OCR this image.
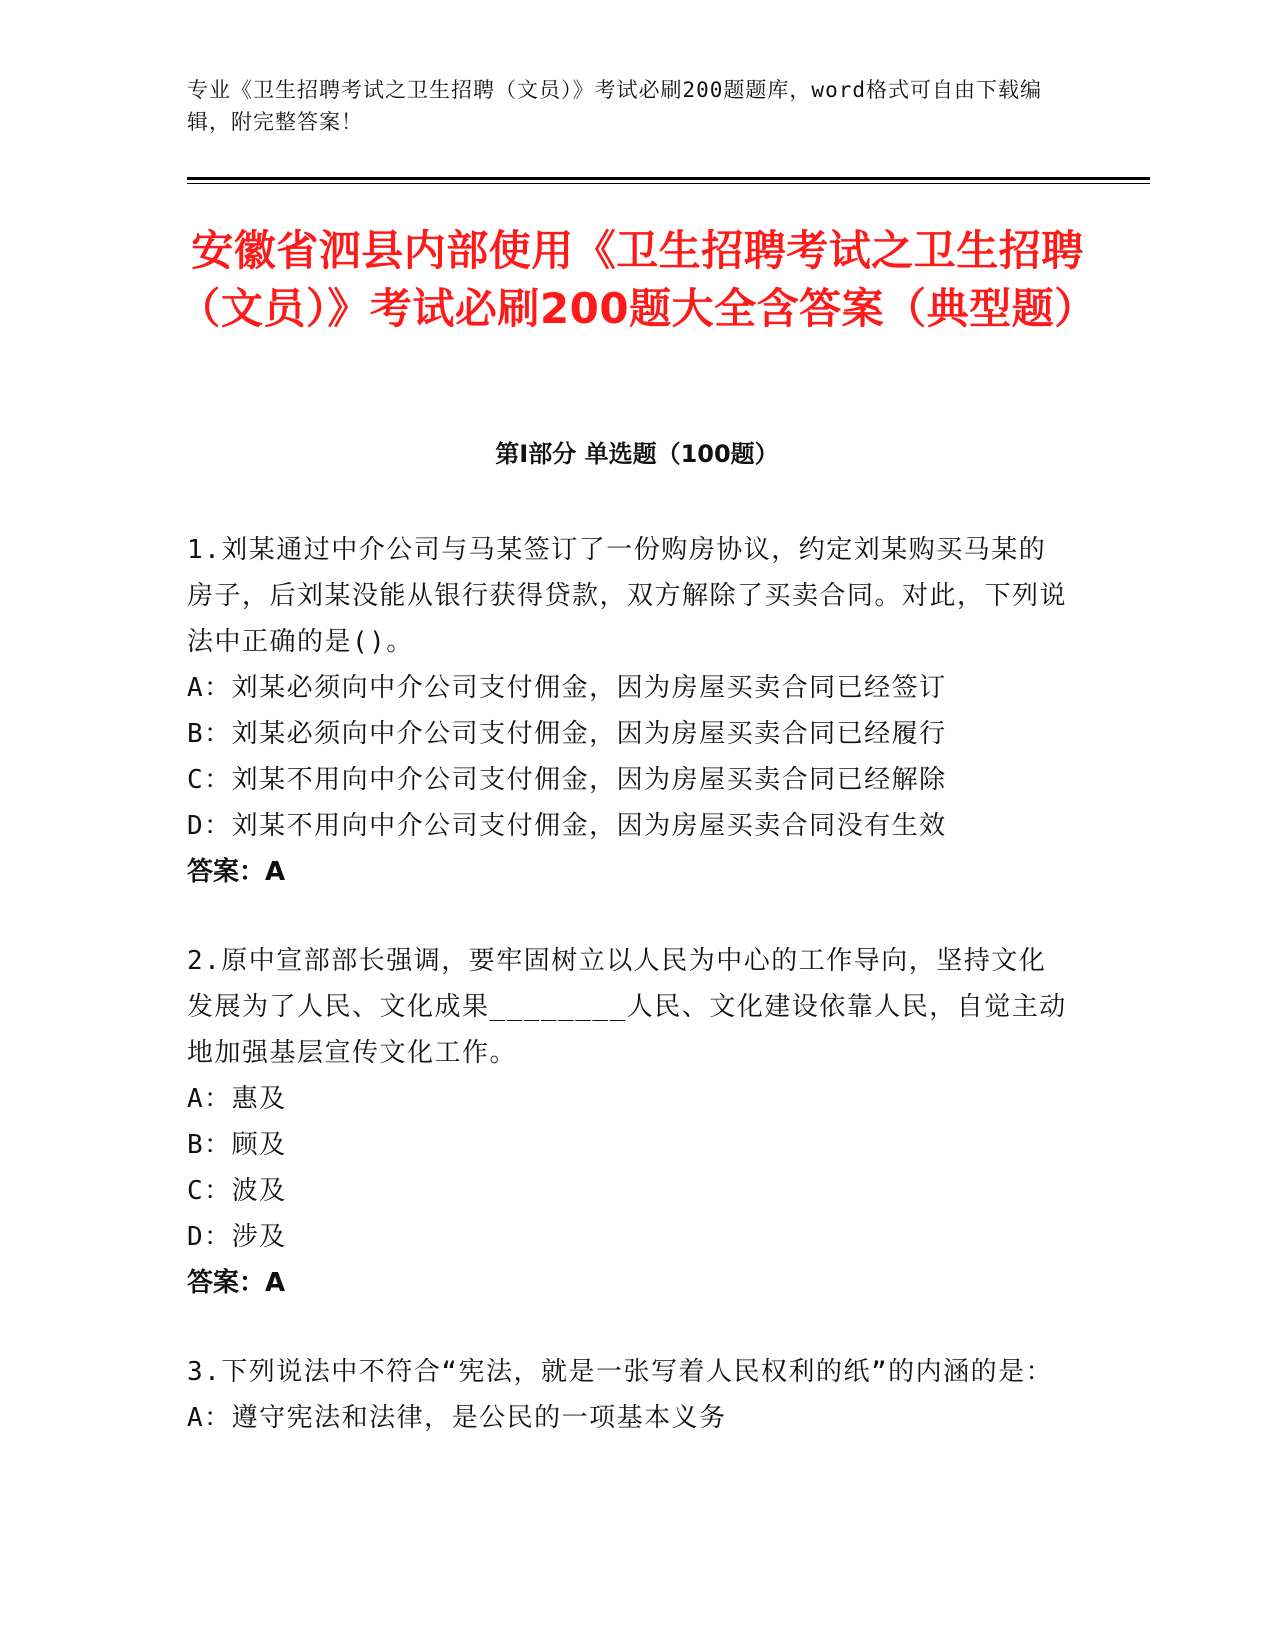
专业《卫生招聘考试之卫生招聘（文员）》考试必刷200题题库，word格式可自由下载编辑，附完整答案！
安徽省泗县内部使用《卫生招聘考试之卫生招聘（文员）》考试必刷200题大全含答案（典型题）
第Ⅰ部分 单选题（100题）

1.刘某通过中介公司与马某签订了一份购房协议，约定刘某购买马某的房子，后刘某没能从银行获得贷款，双方解除了买卖合同。对此，下列说法中正确的是()。

A：刘某必须向中介公司支付佣金，因为房屋买卖合同已经签订

B：刘某必须向中介公司支付佣金，因为房屋买卖合同已经履行

C：刘某不用向中介公司支付佣金，因为房屋买卖合同已经解除

D：刘某不用向中介公司支付佣金，因为房屋买卖合同没有生效

答案：A

2.原中宣部部长强调，要牢固树立以人民为中心的工作导向，坚持文化发展为了人民、文化成果________人民、文化建设依靠人民，自觉主动地加强基层宣传文化工作。

A：惠及

B：顾及

C：波及

D：涉及

答案：A

3.下列说法中不符合“宪法，就是一张写着人民权利的纸”的内涵的是：

A：遵守宪法和法律，是公民的一项基本义务
